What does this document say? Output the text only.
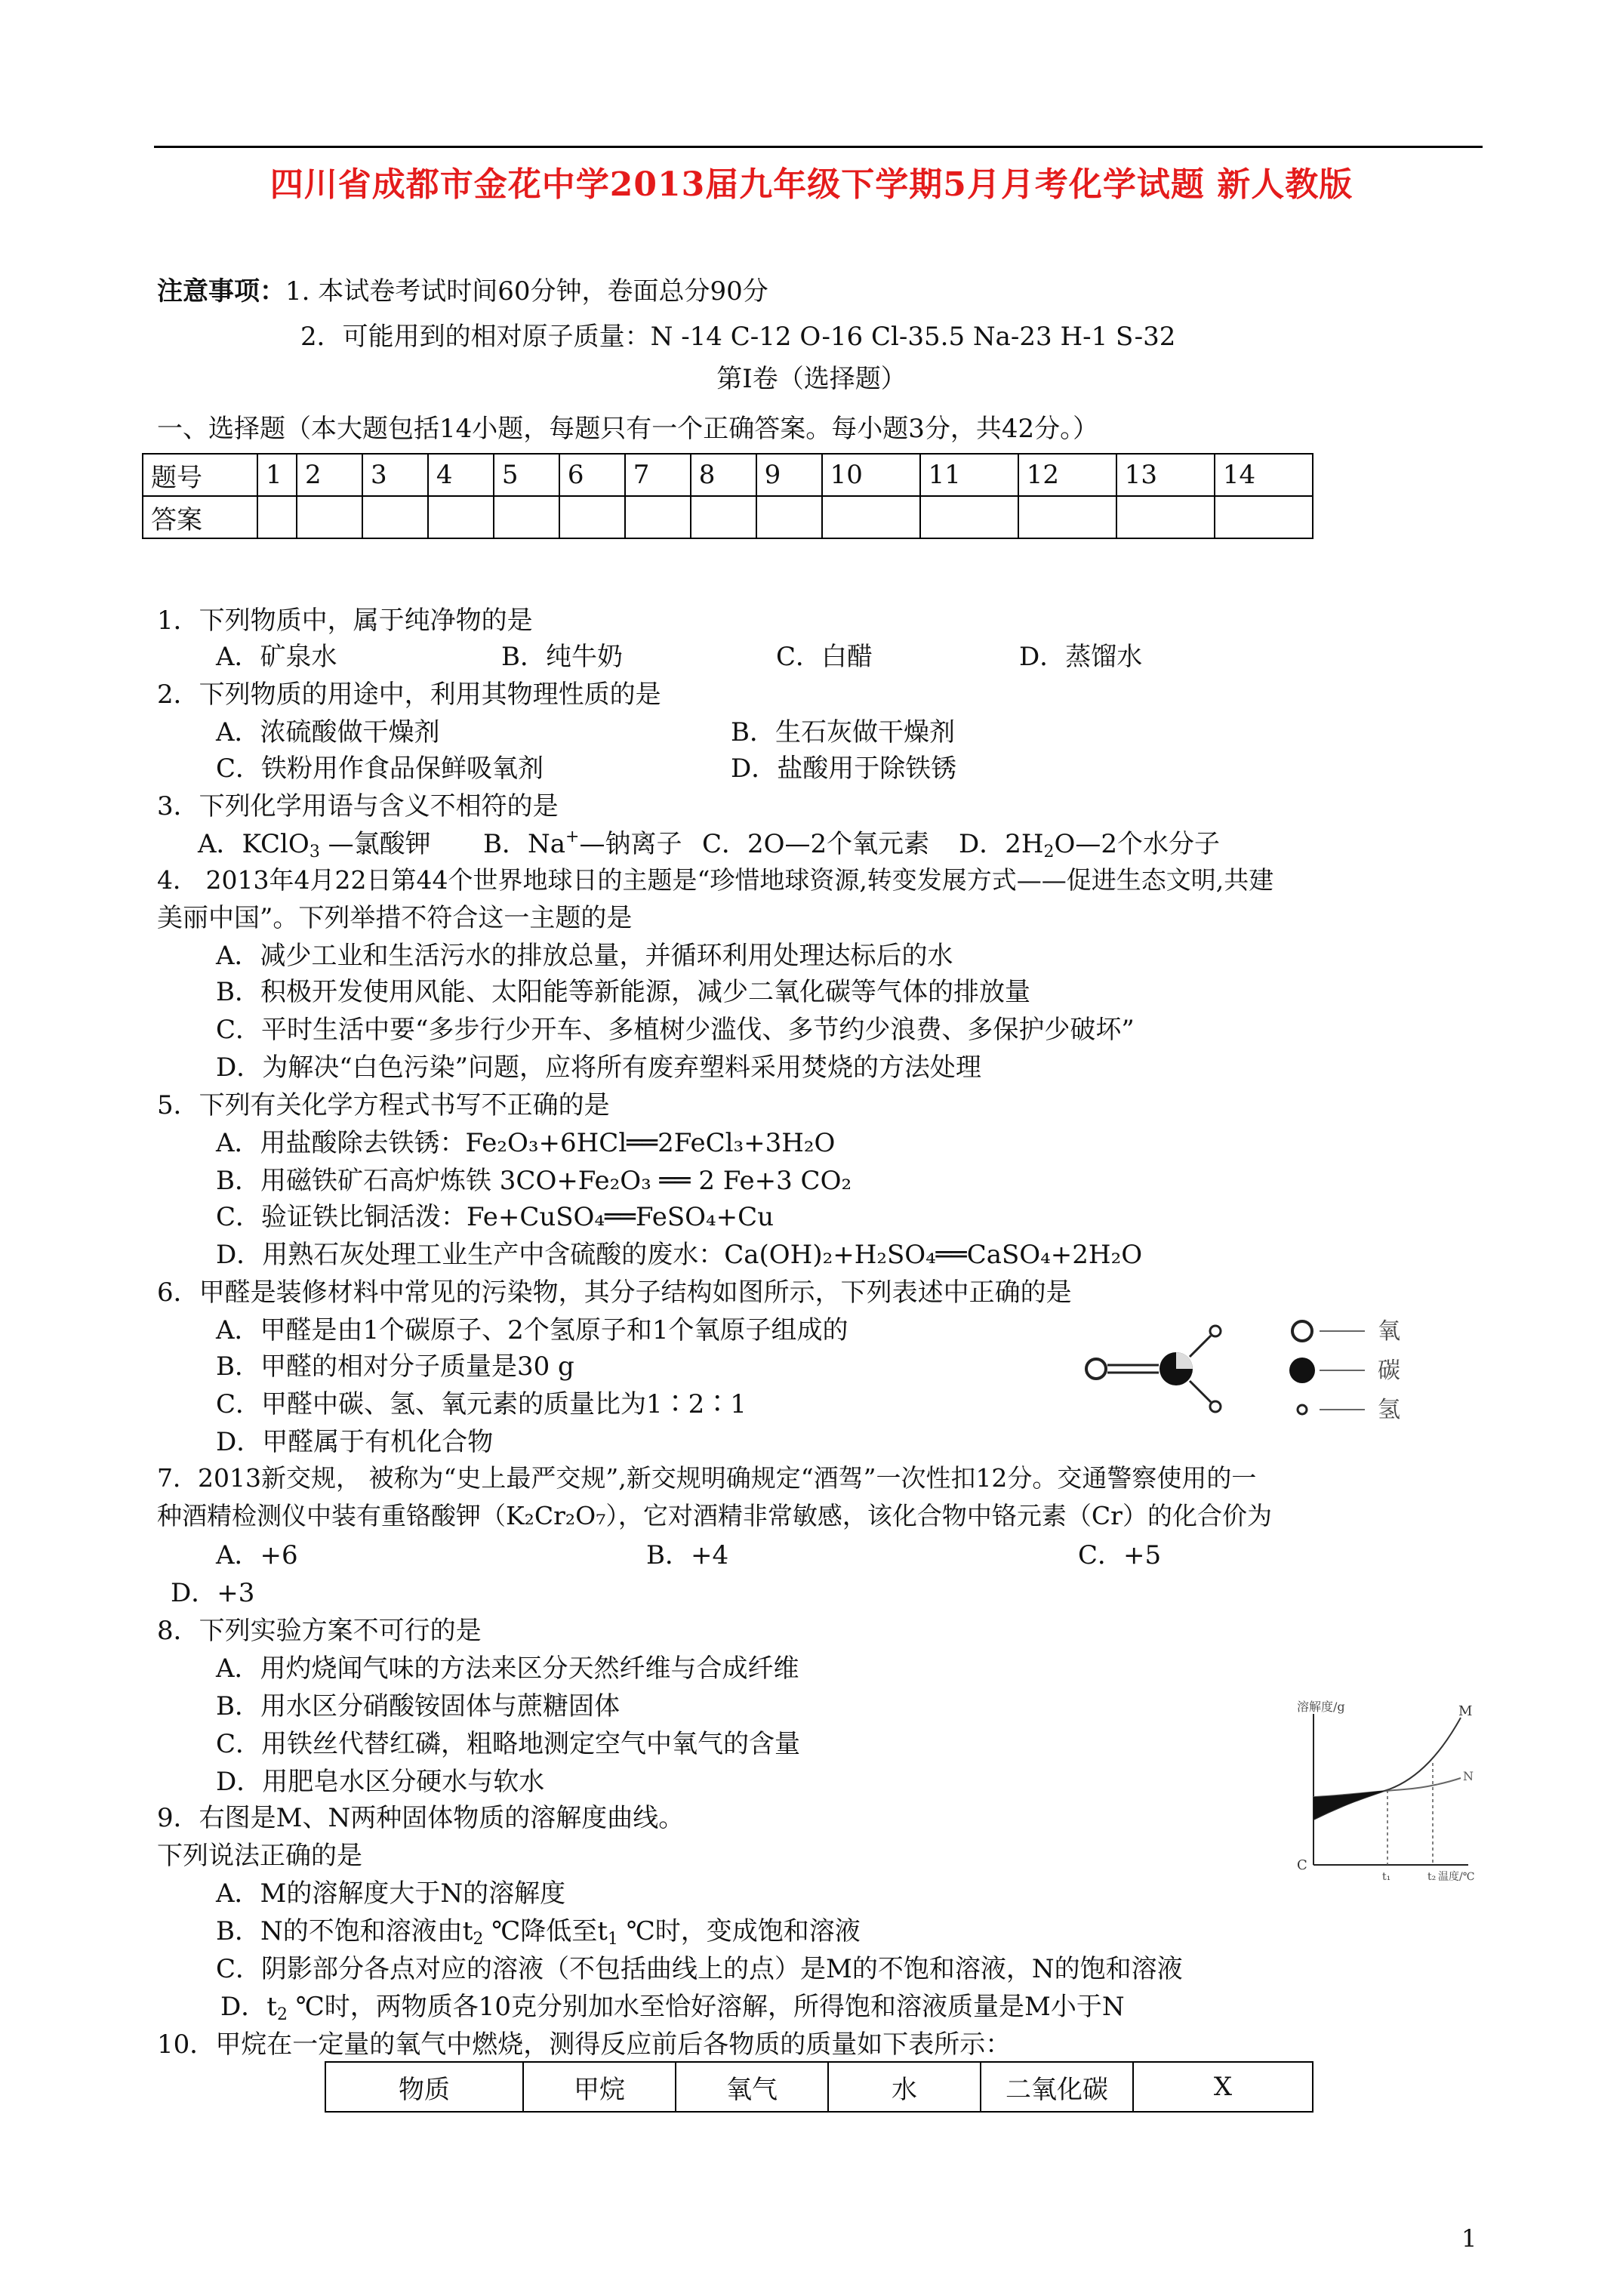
四川省成都市金花中学2013届九年级下学期5月月考化学试题 新人教版
注意事项：1. 本试卷考试时间60分钟，卷面总分90分
2．可能用到的相对原子质量：N -14 C-12 O-16 Cl-35.5 Na-23 H-1 S-32
第Ⅰ卷（选择题）
一、选择题（本大题包括14小题，每题只有一个正确答案。每小题3分，共42分。）
题号	1	2	3	4	5	6	7	8	9	10	11	12	13	14
答案														
1．下列物质中，属于纯净物的是
A．矿泉水	B．纯牛奶	C．白醋	D．蒸馏水
2．下列物质的用途中，利用其物理性质的是
A．浓硫酸做干燥剂	B．生石灰做干燥剂
C．铁粉用作食品保鲜吸氧剂	D．盐酸用于除铁锈
3．下列化学用语与含义不相符的是
A．KClO$_3$ —氯酸钾 B．Na+—钠离子 C．2O—2个氧元素 D．$2H_2O—2$个水分子
4． 2013年4月22日第44个世界地球日的主题是“珍惜地球资源,转变发展方式——促进生态文明,共建
美丽中国”。下列举措不符合这一主题的是
A．减少工业和生活污水的排放总量，并循环利用处理达标后的水
B．积极开发使用风能、太阳能等新能源，减少二氧化碳等气体的排放量
C．平时生活中要“多步行少开车、多植树少滥伐、多节约少浪费、多保护少破坏”
D．为解决“白色污染”问题，应将所有废弃塑料采用焚烧的方法处理
5．下列有关化学方程式书写不正确的是
A．用盐酸除去铁锈：Fe₂O₃+6HCl══2FeCl₃+3H₂O
B．用磁铁矿石高炉炼铁 3CO+Fe₂O₃ ══ 2 Fe+3 CO₂
C．验证铁比铜活泼：Fe+CuSO₄══FeSO₄+Cu
D．用熟石灰处理工业生产中含硫酸的废水：Ca(OH)₂+H₂SO₄══CaSO₄+2H₂O
6．甲醛是装修材料中常见的污染物，其分子结构如图所示，下列表述中正确的是
A．甲醛是由1个碳原子、2个氢原子和1个氧原子组成的
B．甲醛的相对分子质量是30 g
C．甲醛中碳、氢、氧元素的质量比为1∶2∶1
D．甲醛属于有机化合物
氧
碳
氢
7．2013新交规， 被称为“史上最严交规”,新交规明确规定“酒驾”一次性扣12分。交通警察使用的一
种酒精检测仪中装有重铬酸钾（K₂Cr₂O₇），它对酒精非常敏感，该化合物中铬元素（Cr）的化合价为
A．+6	B．+4	C．+5
D．+3
8．下列实验方案不可行的是
A．用灼烧闻气味的方法来区分天然纤维与合成纤维
B．用水区分硝酸铵固体与蔗糖固体
C．用铁丝代替红磷，粗略地测定空气中氧气的含量
D．用肥皂水区分硬水与软水
溶解度/g	M
N
C
t₁	t₂ 温度/℃
9．右图是M、N两种固体物质的溶解度曲线。
下列说法正确的是
A．M的溶解度大于N的溶解度
B．N的不饱和溶液由$t_2$ ℃降低至$t_1$ ℃时，变成饱和溶液
C．阴影部分各点对应的溶液（不包括曲线上的点）是M的不饱和溶液，N的饱和溶液
D．$t_2$ ℃时，两物质各10克分别加水至恰好溶解，所得饱和溶液质量是M小于N
10．甲烷在一定量的氧气中燃烧，测得反应前后各物质的质量如下表所示：
物质	甲烷	氧气	水	二氧化碳	X
1
